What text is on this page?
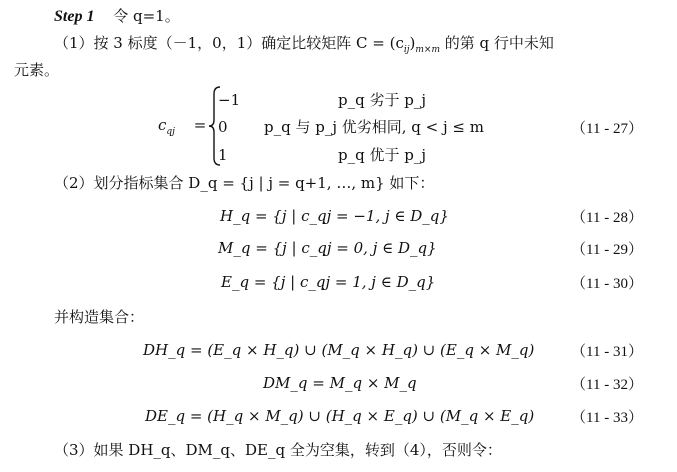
Step 1 令 q=1。
（1）按 3 标度（－1，0，1）确定比较矩阵 $C = (c_{ij})_{m\times m}$ 的第 q 行中未知
元素。
$c_{qj}$ =
−1	p_q 劣于 p_j
0 p_q 与 p_j 优劣相同, q < j ≤ m
1	p_q 优于 p_j
（11 - 27）
（2）划分指标集合 D_q = {j | j = q+1, …, m} 如下：
H_q = {j | c_qj = −1, j ∈ D_q}	（11 - 28）
M_q = {j | c_qj = 0, j ∈ D_q}	（11 - 29）
E_q = {j | c_qj = 1, j ∈ D_q}	（11 - 30）
并构造集合：
DH_q = (E_q × H_q) ∪ (M_q × H_q) ∪ (E_q × M_q) （11 - 31）
DM_q = M_q × M_q	（11 - 32）
DE_q = (H_q × M_q) ∪ (H_q × E_q) ∪ (M_q × E_q) （11 - 33）
（3）如果 DH_q、DM_q、DE_q 全为空集，转到（4），否则令：
